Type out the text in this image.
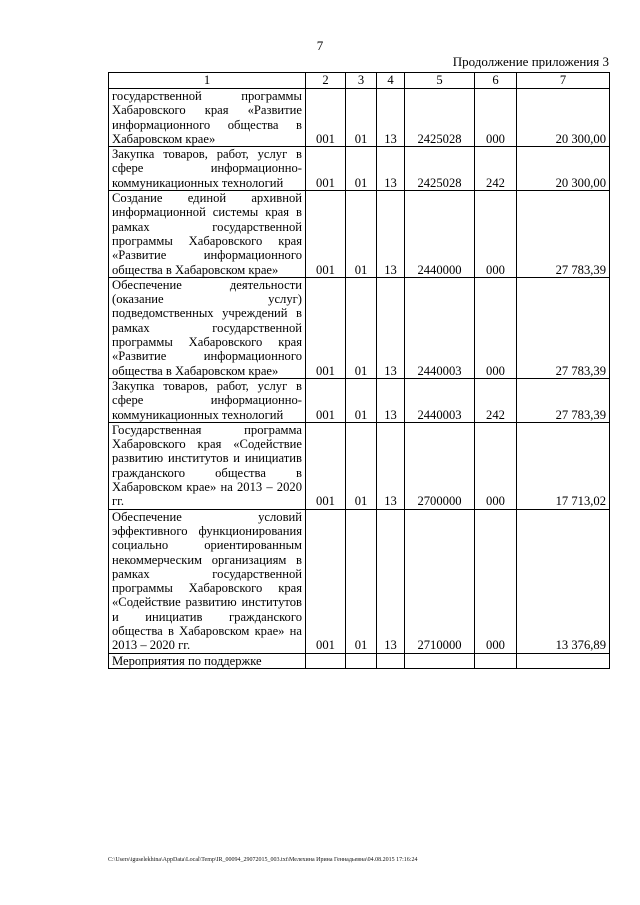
7
Продолжение приложения 3
1	2	3	4	5	6	7
государственной программы Хабаровского края «Развитие информационного общества в Хабаровском крае»	001	01	13	2425028	000	20 300,00
Закупка товаров, работ, услуг в сфере информационно-коммуникационных технологий	001	01	13	2425028	242	20 300,00
Создание единой архивной информационной системы края в рамках государственной программы Хабаровского края «Развитие информационного общества в Хабаровском крае»	001	01	13	2440000	000	27 783,39
Обеспечение деятельности (оказание услуг) подведомственных учреждений в рамках государственной программы Хабаровского края «Развитие информационного общества в Хабаровском крае»	001	01	13	2440003	000	27 783,39
Закупка товаров, работ, услуг в сфере информационно-коммуникационных технологий	001	01	13	2440003	242	27 783,39
Государственная программа Хабаровского края «Содействие развитию институтов и инициатив гражданского общества в Хабаровском крае» на 2013 – 2020 гг.	001	01	13	2700000	000	17 713,02
Обеспечение условий эффективного функционирования социально ориентированным некоммерческим организациям в рамках государственной программы Хабаровского края «Содействие развитию институтов и инициатив гражданского общества в Хабаровском крае» на 2013 – 2020 гг.	001	01	13	2710000	000	13 376,89
Мероприятия по поддержке						
C:\Users\iguselekhina\AppData\Local\Temp\IR_00094_29072015_003.txt\Мелехина Ирина Геннадьевна\04.08.2015 17:16:24
